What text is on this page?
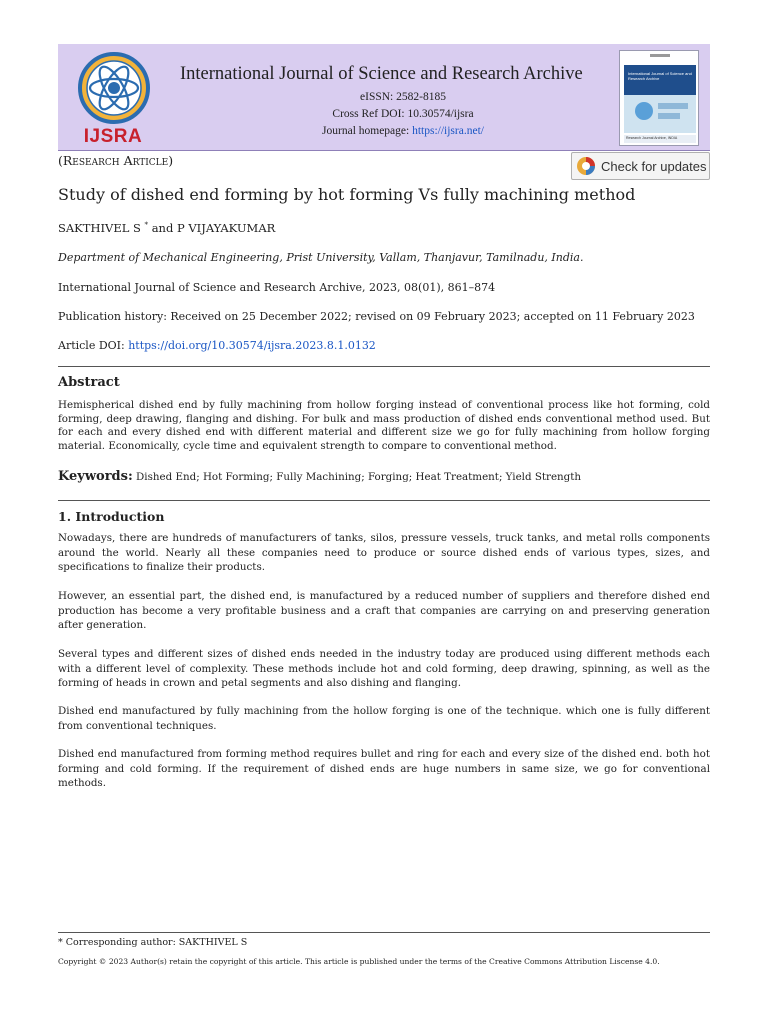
IJSRA
International Journal of Science and Research Archive
eISSN: 2582-8185
Cross Ref DOI: 10.30574/ijsra
Journal homepage: https://ijsra.net/
International Journal of Science and Research Archive
Research Journal Archive, INDIA
(Research Article)	Check for updates
Study of dished end forming by hot forming Vs fully machining method
SAKTHIVEL S * and P VIJAYAKUMAR
Department of Mechanical Engineering, Prist University, Vallam, Thanjavur, Tamilnadu, India.
International Journal of Science and Research Archive, 2023, 08(01), 861–874
Publication history: Received on 25 December 2022; revised on 09 February 2023; accepted on 11 February 2023
Article DOI: https://doi.org/10.30574/ijsra.2023.8.1.0132
Abstract
Hemispherical dished end by fully machining from hollow forging instead of conventional process like hot forming, cold forming, deep drawing, flanging and dishing. For bulk and mass production of dished ends conventional method used. But for each and every dished end with different material and different size we go for fully machining from hollow forging material. Economically, cycle time and equivalent strength to compare to conventional method.
Keywords: Dished End; Hot Forming; Fully Machining; Forging; Heat Treatment; Yield Strength
1. Introduction
Nowadays, there are hundreds of manufacturers of tanks, silos, pressure vessels, truck tanks, and metal rolls components around the world. Nearly all these companies need to produce or source dished ends of various types, sizes, and specifications to finalize their products.
However, an essential part, the dished end, is manufactured by a reduced number of suppliers and therefore dished end production has become a very profitable business and a craft that companies are carrying on and preserving generation after generation.
Several types and different sizes of dished ends needed in the industry today are produced using different methods each with a different level of complexity. These methods include hot and cold forming, deep drawing, spinning, as well as the forming of heads in crown and petal segments and also dishing and flanging.
Dished end manufactured by fully machining from the hollow forging is one of the technique. which one is fully different from conventional techniques.
Dished end manufactured from forming method requires bullet and ring for each and every size of the dished end. both hot forming and cold forming. If the requirement of dished ends are huge numbers in same size, we go for conventional methods.
* Corresponding author: SAKTHIVEL S
Copyright © 2023 Author(s) retain the copyright of this article. This article is published under the terms of the Creative Commons Attribution Liscense 4.0.
